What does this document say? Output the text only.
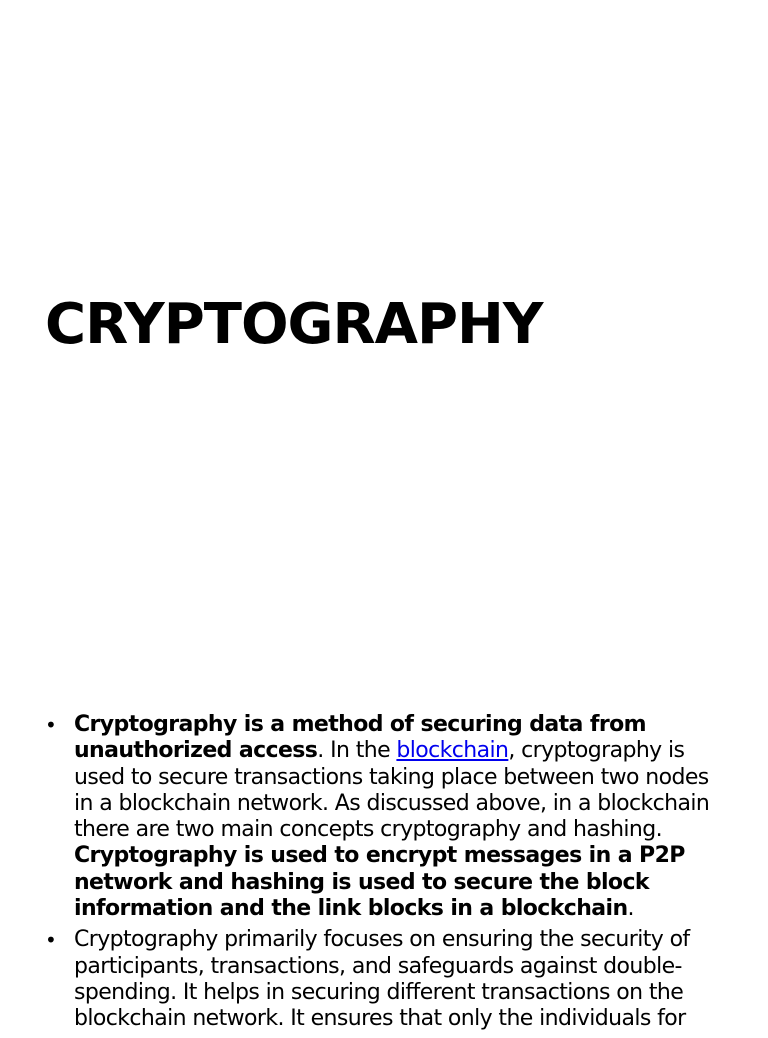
CRYPTOGRAPHY
• Cryptography is a method of securing data from unauthorized access. In the blockchain, cryptography is used to secure transactions taking place between two nodes in a blockchain network. As discussed above, in a blockchain there are two main concepts cryptography and hashing. Cryptography is used to encrypt messages in a P2P network and hashing is used to secure the block information and the link blocks in a blockchain.
• Cryptography primarily focuses on ensuring the security of participants, transactions, and safeguards against double-spending. It helps in securing different transactions on the blockchain network. It ensures that only the individuals for
